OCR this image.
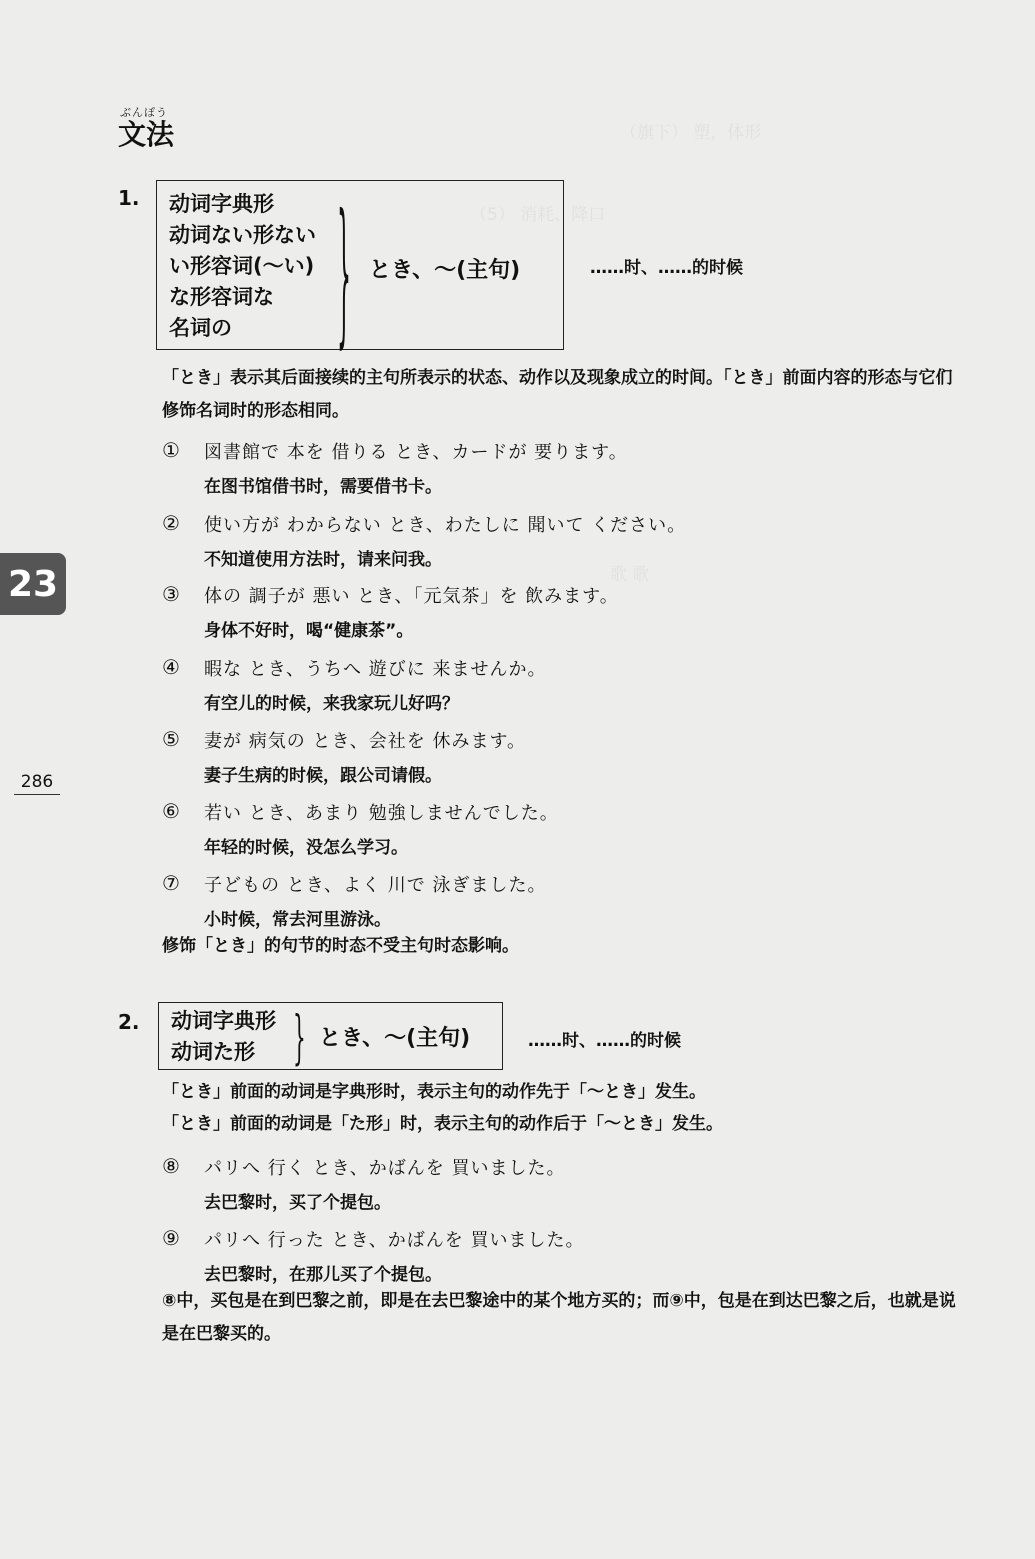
（旗下） 塑，体形
（5） 消耗、降口
歌 歌
ぶんぽう
文法
1. 动词字典形
动词ない形ない
い形容词(〜い)
な形容词な
名词の	} とき、〜(主句)	……时、……的时候
「とき」表示其后面接续的主句所表示的状态、动作以及现象成立的时间。「とき」前面内容的形态与它们修饰名词时的形态相同。
① 図書館で 本を 借りる とき、カードが 要ります。
在图书馆借书时，需要借书卡。
② 使い方が わからない とき、わたしに 聞いて ください。
不知道使用方法时，请来问我。
③ 体の 調子が 悪い とき、「元気茶」を 飲みます。
身体不好时，喝“健康茶”。
④ 暇な とき、うちへ 遊びに 来ませんか。
有空儿的时候，来我家玩儿好吗？
⑤ 妻が 病気の とき、会社を 休みます。
妻子生病的时候，跟公司请假。
⑥ 若い とき、あまり 勉強しませんでした。
年轻的时候，没怎么学习。
⑦ 子どもの とき、よく 川で 泳ぎました。
小时候，常去河里游泳。
修饰「とき」的句节的时态不受主句时态影响。
2. 动词字典形
动词た形 } とき、〜(主句)	……时、……的时候
「とき」前面的动词是字典形时，表示主句的动作先于「〜とき」发生。
「とき」前面的动词是「た形」时，表示主句的动作后于「〜とき」发生。
⑧ パリへ 行く とき、かばんを 買いました。
去巴黎时，买了个提包。
⑨ パリへ 行った とき、かばんを 買いました。
去巴黎时，在那儿买了个提包。
⑧中，买包是在到巴黎之前，即是在去巴黎途中的某个地方买的；而⑨中，包是在到达巴黎之后，也就是说是在巴黎买的。
23
286
